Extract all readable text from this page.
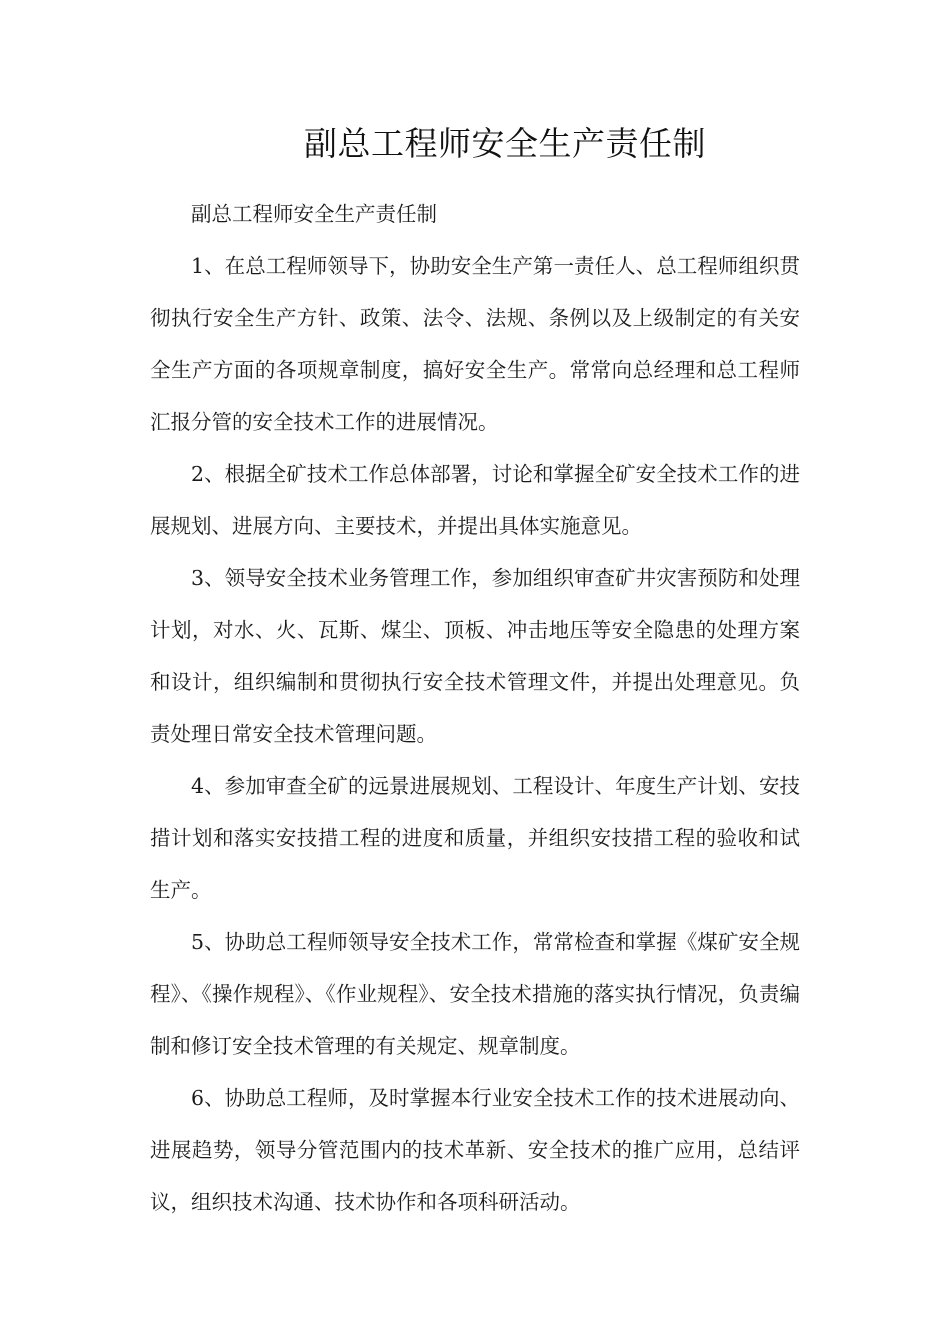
副总工程师安全生产责任制

副总工程师安全生产责任制

1、在总工程师领导下，协助安全生产第一责任人、总工程师组织贯彻执行安全生产方针、政策、法令、法规、条例以及上级制定的有关安全生产方面的各项规章制度，搞好安全生产。常常向总经理和总工程师汇报分管的安全技术工作的进展情况。

2、根据全矿技术工作总体部署，讨论和掌握全矿安全技术工作的进展规划、进展方向、主要技术，并提出具体实施意见。

3、领导安全技术业务管理工作，参加组织审查矿井灾害预防和处理计划，对水、火、瓦斯、煤尘、顶板、冲击地压等安全隐患的处理方案和设计，组织编制和贯彻执行安全技术管理文件，并提出处理意见。负责处理日常安全技术管理问题。

4、参加审查全矿的远景进展规划、工程设计、年度生产计划、安技措计划和落实安技措工程的进度和质量，并组织安技措工程的验收和试生产。

5、协助总工程师领导安全技术工作，常常检查和掌握《煤矿安全规程》、《操作规程》、《作业规程》、安全技术措施的落实执行情况，负责编制和修订安全技术管理的有关规定、规章制度。

6、协助总工程师，及时掌握本行业安全技术工作的技术进展动向、进展趋势，领导分管范围内的技术革新、安全技术的推广应用，总结评议，组织技术沟通、技术协作和各项科研活动。
